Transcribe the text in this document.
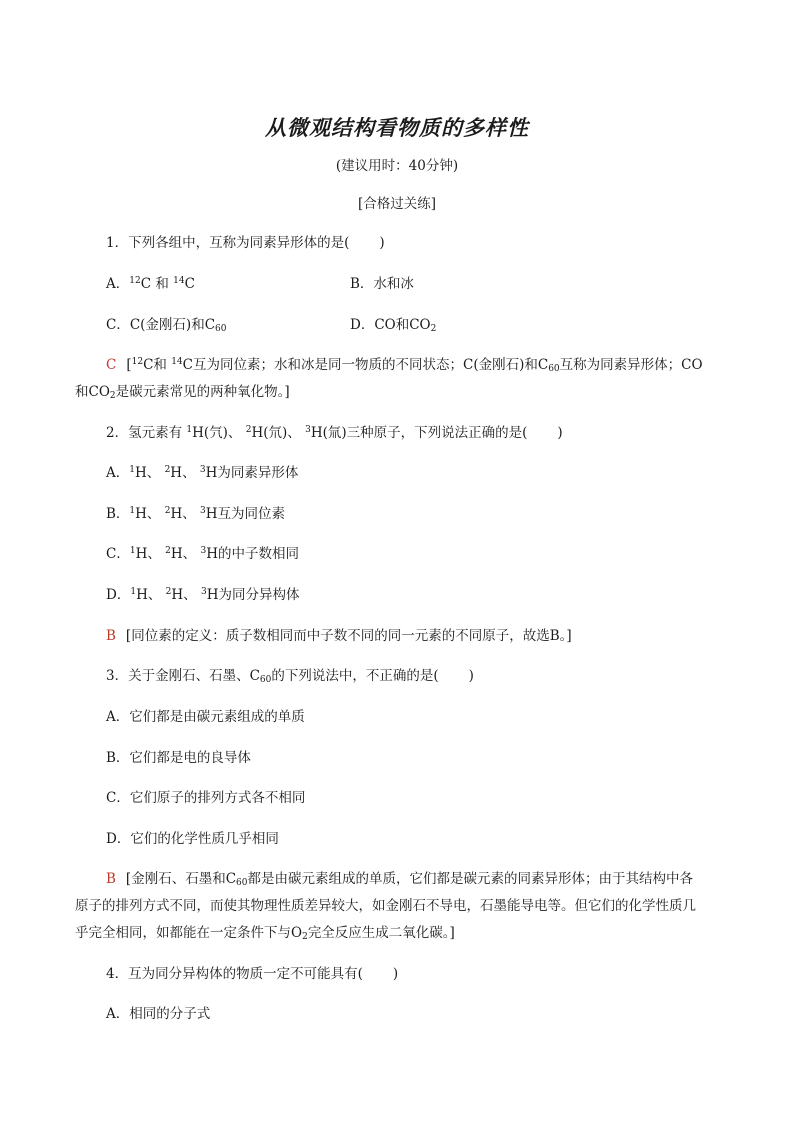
从微观结构看物质的多样性
(建议用时：40分钟)
[合格过关练]
1．下列各组中，互称为同素异形体的是( )
A．$^{12}$C 和 $^{14}$C	B．水和冰
C．C(金刚石)和$C_{60}$	D．CO和$CO_2$
C [$^{12}$C和 $^{14}$C互为同位素；水和冰是同一物质的不同状态；C(金刚石)和$C_{60}$互称为同素异形体；CO
和$CO_2$是碳元素常见的两种氧化物。]
2．氢元素有 $^1$H(氕)、 $^2$H(氘)、 $^3$H(氚)三种原子，下列说法正确的是( )
A．$^1$H、 $^2$H、 $^3$H为同素异形体
B．$^1$H、 $^2$H、 $^3$H互为同位素
C．$^1$H、 $^2$H、 $^3$H的中子数相同
D．$^1$H、 $^2$H、 $^3$H为同分异构体
B [同位素的定义：质子数相同而中子数不同的同一元素的不同原子，故选B。]
3．关于金刚石、石墨、$C_{60}$的下列说法中，不正确的是( )
A．它们都是由碳元素组成的单质
B．它们都是电的良导体
C．它们原子的排列方式各不相同
D．它们的化学性质几乎相同
B [金刚石、石墨和$C_{60}$都是由碳元素组成的单质，它们都是碳元素的同素异形体；由于其结构中各
原子的排列方式不同，而使其物理性质差异较大，如金刚石不导电，石墨能导电等。但它们的化学性质几
乎完全相同，如都能在一定条件下与$O_2$完全反应生成二氧化碳。]
4．互为同分异构体的物质一定不可能具有( )
A．相同的分子式
